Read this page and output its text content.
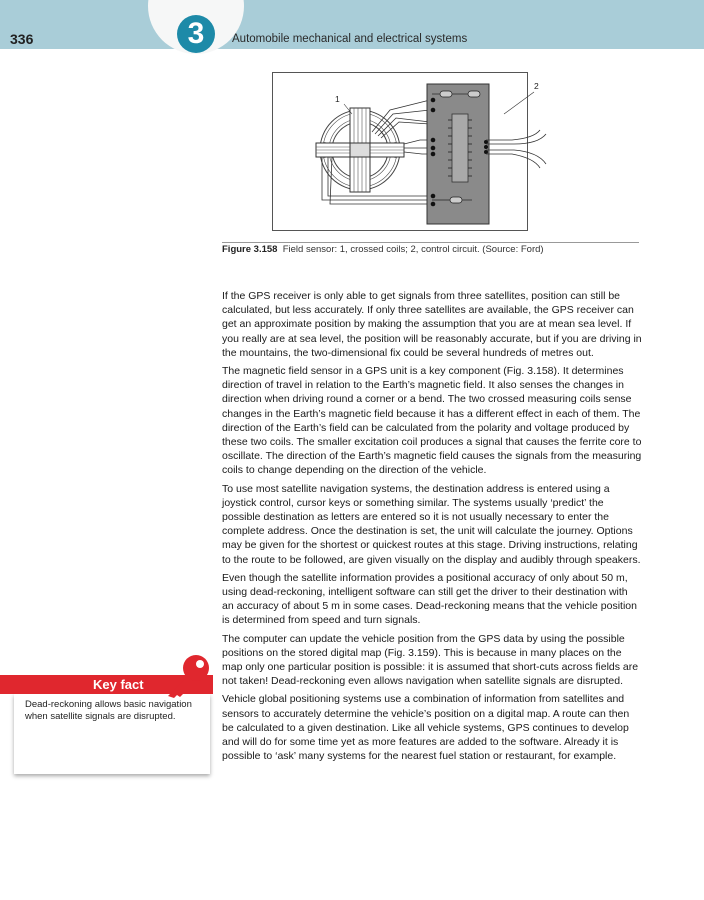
336	3	Automobile mechanical and electrical systems
1
2
Figure 3.158 Field sensor: 1, crossed coils; 2, control circuit. (Source: Ford)

If the GPS receiver is only able to get signals from three satellites, position can still be calculated, but less accurately. If only three satellites are available, the GPS receiver can get an approximate position by making the assumption that you are at mean sea level. If you really are at sea level, the position will be reasonably accurate, but if you are driving in the mountains, the two-dimensional fix could be several hundreds of metres out.

The magnetic field sensor in a GPS unit is a key component (Fig. 3.158). It determines direction of travel in relation to the Earth’s magnetic field. It also senses the changes in direction when driving round a corner or a bend. The two crossed measuring coils sense changes in the Earth’s magnetic field because it has a different effect in each of them. The direction of the Earth’s field can be calculated from the polarity and voltage produced by these two coils. The smaller excitation coil produces a signal that causes the ferrite core to oscillate. The direction of the Earth’s magnetic field causes the signals from the measuring coils to change depending on the direction of the vehicle.

To use most satellite navigation systems, the destination address is entered using a joystick control, cursor keys or something similar. The systems usually ‘predict’ the possible destination as letters are entered so it is not usually necessary to enter the complete address. Once the destination is set, the unit will calculate the journey. Options may be given for the shortest or quickest routes at this stage. Driving instructions, relating to the route to be followed, are given visually on the display and audibly through speakers.

Even though the satellite information provides a positional accuracy of only about 50 m, using dead-reckoning, intelligent software can still get the driver to their destination with an accuracy of about 5 m in some cases. Dead-reckoning means that the vehicle position is determined from speed and turn signals.

The computer can update the vehicle position from the GPS data by using the possible positions on the stored digital map (Fig. 3.159). This is because in many places on the map only one particular position is possible: it is assumed that short-cuts across fields are not taken! Dead-reckoning even allows navigation when satellite signals are disrupted.

Vehicle global positioning systems use a combination of information from satellites and sensors to accurately determine the vehicle’s position on a digital map. A route can then be calculated to a given destination. Like all vehicle systems, GPS continues to develop and will do for some time yet as more features are added to the software. Already it is possible to ‘ask’ many systems for the nearest fuel station or restaurant, for example.

Key fact
Dead-reckoning allows basic navigation when satellite signals are disrupted.
